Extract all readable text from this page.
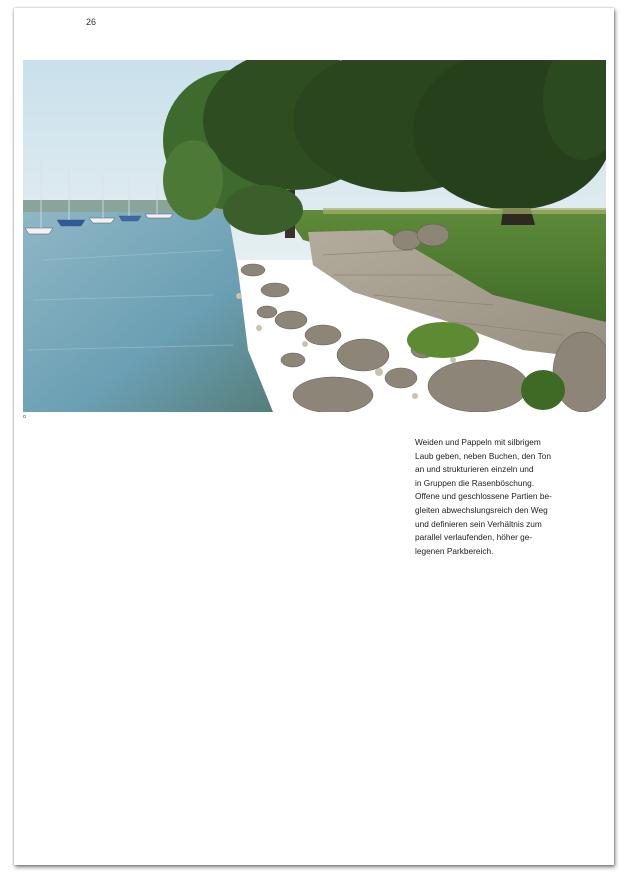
26
o

Weiden und Pappeln mit silbrigem
Laub geben, neben Buchen, den Ton
an und strukturieren einzeln und
in Gruppen die Rasenböschung.
Offene und geschlossene Partien be-
gleiten abwechslungsreich den Weg
und definieren sein Verhältnis zum
parallel verlaufenden, höher ge-
legenen Parkbereich.
